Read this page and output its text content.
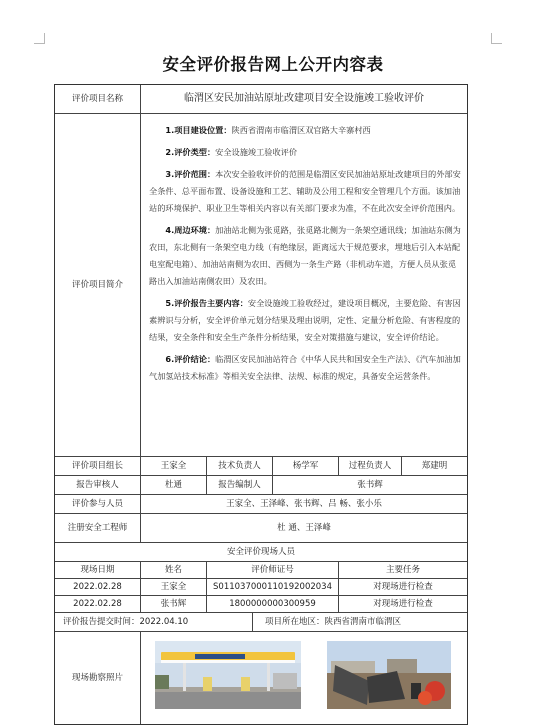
安全评价报告网上公开内容表
评价项目名称	临渭区安民加油站原址改建项目安全设施竣工验收评价
评价项目简介

1.项目建设位置：陕西省渭南市临渭区双官路大辛寨村西

2.评价类型：安全设施竣工验收评价

3.评价范围：本次安全验收评价的范围是临渭区安民加油站原址改建项目的外部安全条件、总平面布置、设备设施和工艺、辅助及公用工程和安全管理几个方面。该加油站的环境保护、职业卫生等相关内容以有关部门要求为准，不在此次安全评价范围内。

4.周边环境：加油站北侧为张觅路，张觅路北侧为一条架空通讯线；加油站东侧为农田，东北侧有一条架空电力线（有绝缘层，距离远大于规范要求，埋地后引入本站配电室配电箱）、加油站南侧为农田、西侧为一条生产路（非机动车道，方便人员从张觅路出入加油站南侧农田）及农田。

5.评价报告主要内容：安全设施竣工验收经过，建设项目概况，主要危险、有害因素辨识与分析，安全评价单元划分结果及理由说明，定性、定量分析危险、有害程度的结果，安全条件和安全生产条件分析结果，安全对策措施与建议，安全评价结论。

6.评价结论：临渭区安民加油站符合《中华人民共和国安全生产法》、《汽车加油加气加氢站技术标准》等相关安全法律、法规、标准的规定，具备安全运营条件。

评价项目组长	王家全	技术负责人	杨学军	过程负责人	郑建明
报告审核人	杜通	报告编制人	张书辉
评价参与人员	王家全、王泽峰、张书辉、吕 畅、张小乐
注册安全工程师	杜 通、王泽峰
安全评价现场人员
现场日期	姓名	评价师证号	主要任务
2022.02.28	王家全	S011037000110192002034	对现场进行检查
2022.02.28	张书辉	1800000000300959	对现场进行检查
评价报告提交时间： 2022.04.10	项目所在地区： 陕西省渭南市临渭区
现场勘察照片
